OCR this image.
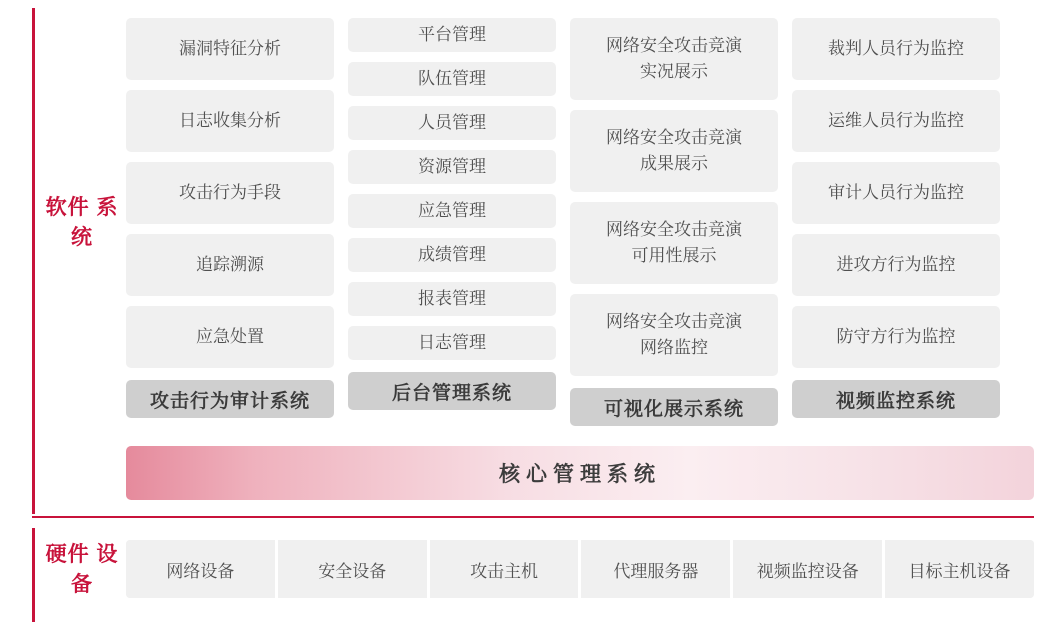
软件 系统
硬件 设备
漏洞特征分析
日志收集分析
攻击行为手段
追踪溯源
应急处置
攻击行为审计系统
平台管理
队伍管理
人员管理
资源管理
应急管理
成绩管理
报表管理
日志管理
后台管理系统
网络安全攻击竞演
实况展示
网络安全攻击竞演
成果展示
网络安全攻击竞演
可用性展示
网络安全攻击竞演
网络监控
可视化展示系统
裁判人员行为监控
运维人员行为监控
审计人员行为监控
进攻方行为监控
防守方行为监控
视频监控系统
核心管理系统
网络设备	安全设备	攻击主机	代理服务器	视频监控设备	目标主机设备
